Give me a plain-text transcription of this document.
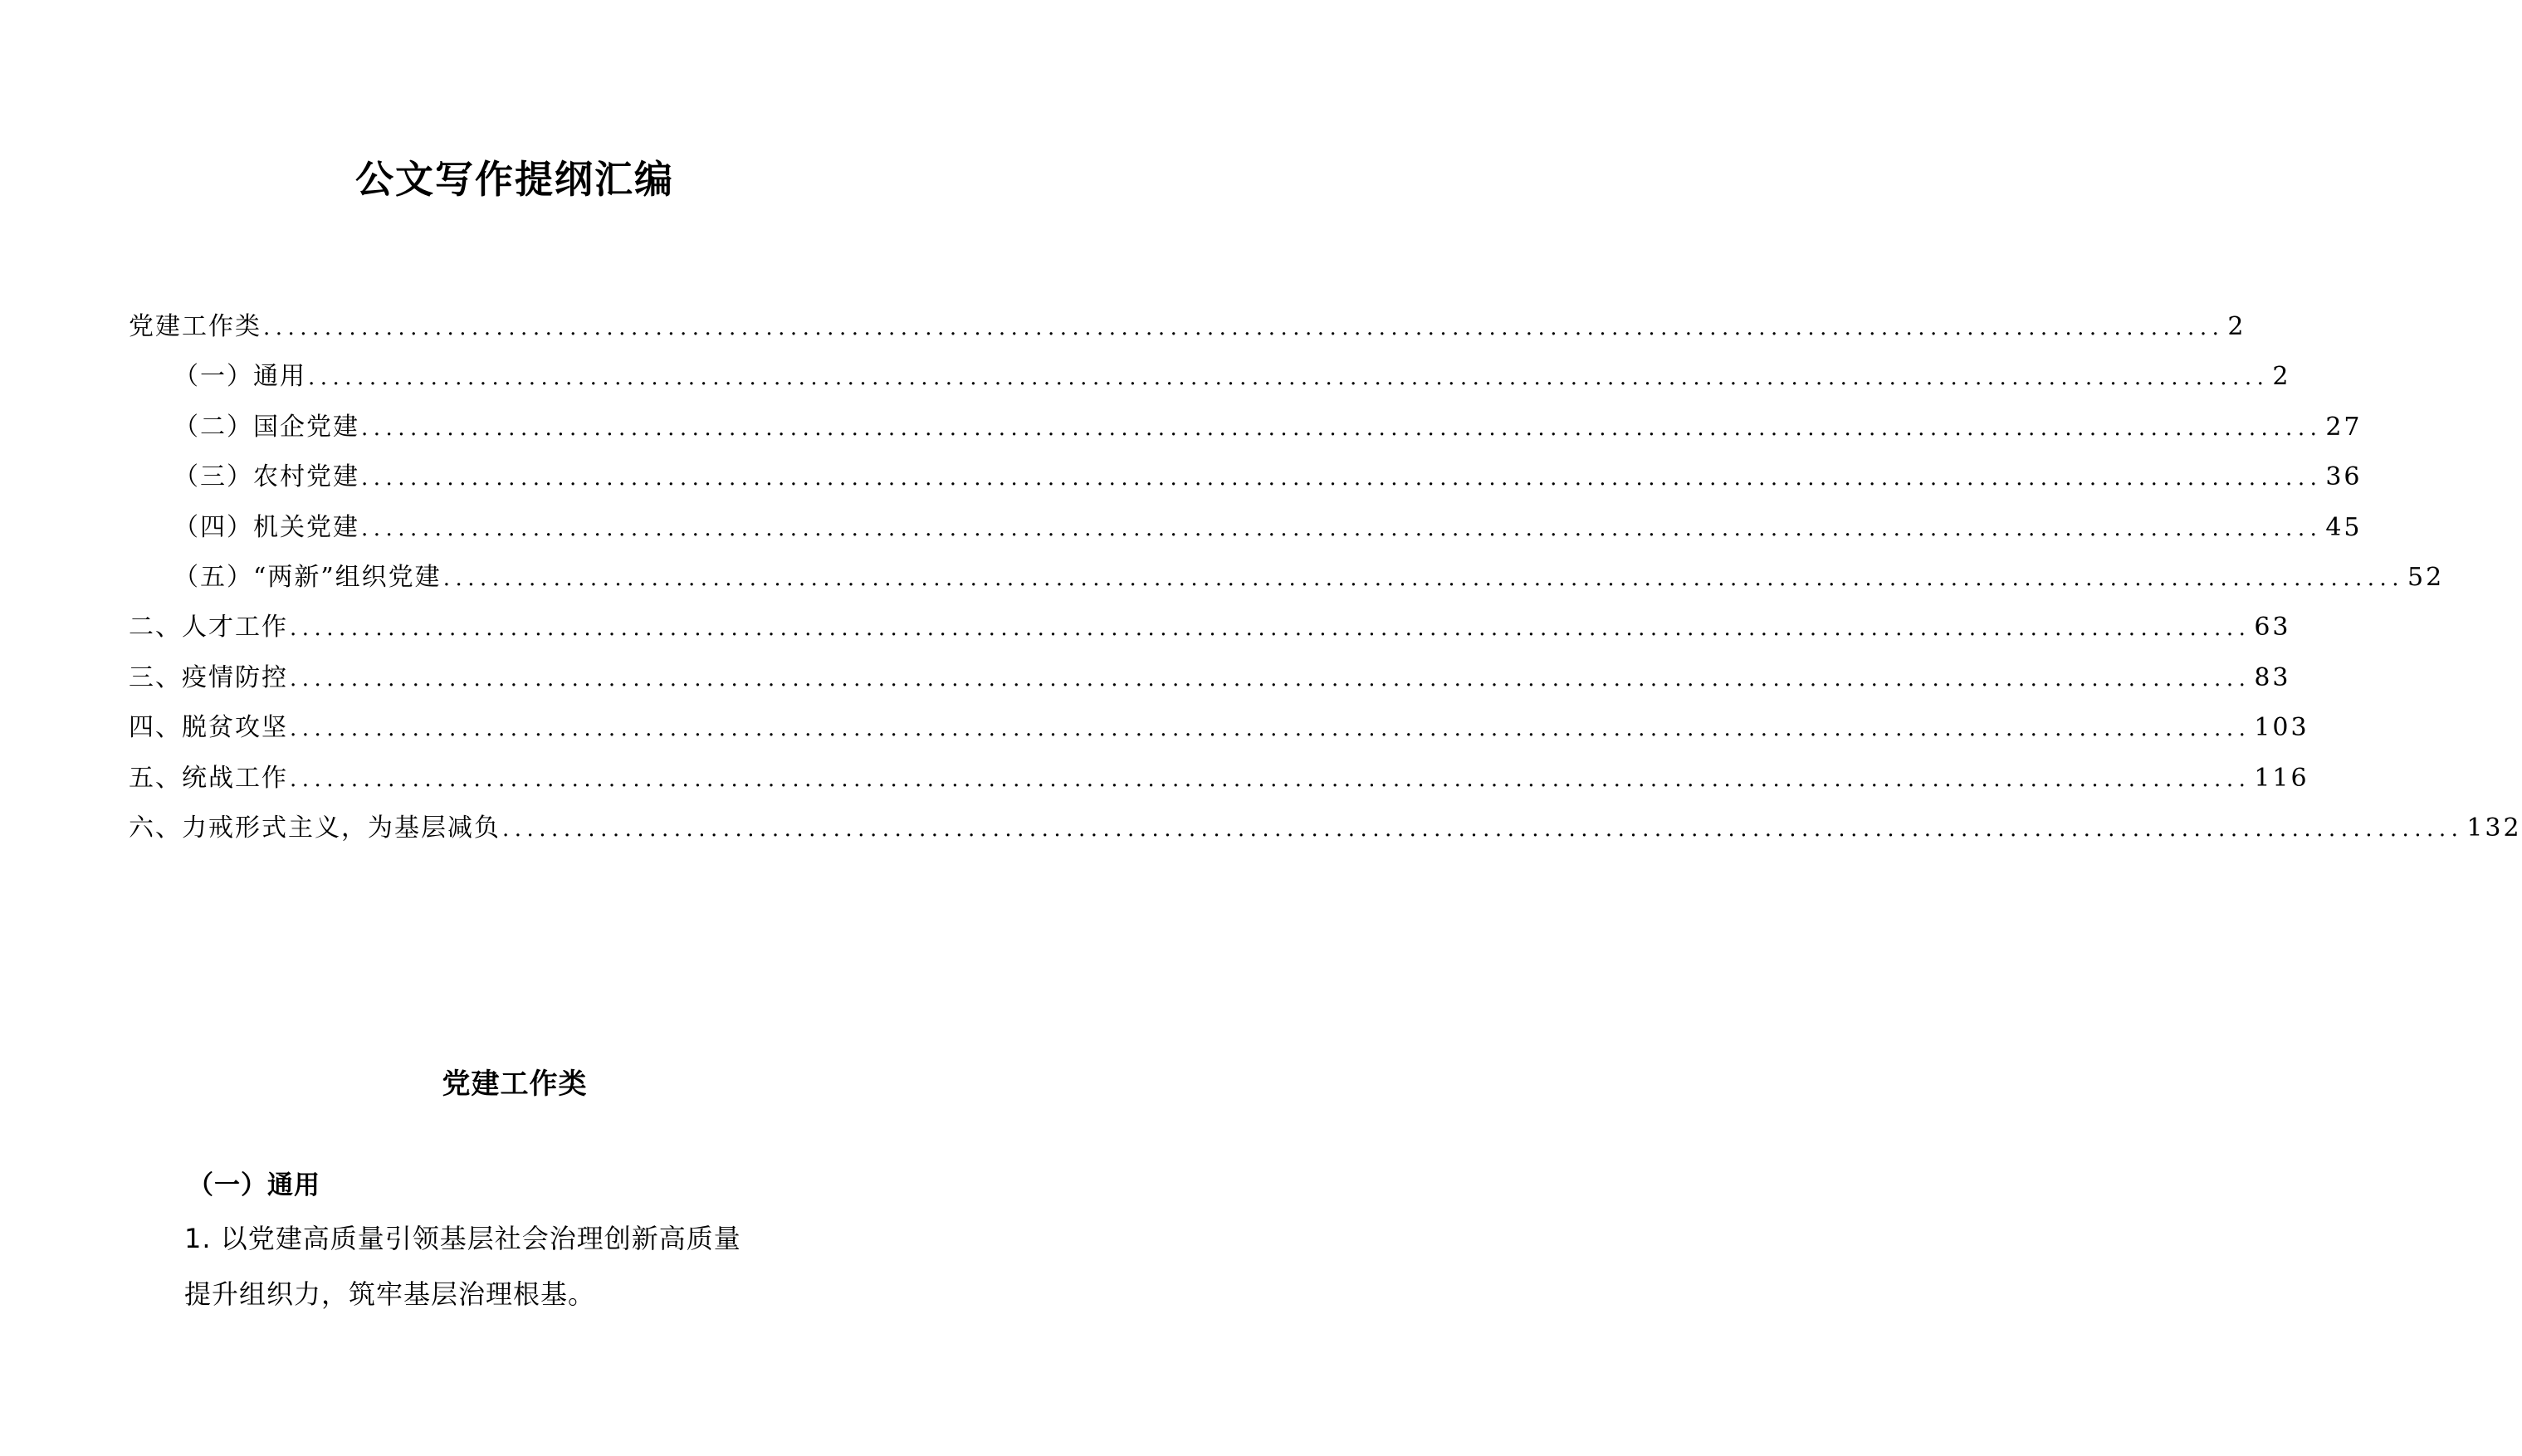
公文写作提纲汇编
党建工作类 ................................................................................................................................................................ 2
（一）通用 ................................................................................................................................................................ 2
（二）国企党建 ................................................................................................................................................................ 27
（三）农村党建 ................................................................................................................................................................ 36
（四）机关党建 ................................................................................................................................................................ 45
（五）“两新”组织党建 ................................................................................................................................................................ 52
二、人才工作 ................................................................................................................................................................ 63
三、疫情防控 ................................................................................................................................................................ 83
四、脱贫攻坚 ................................................................................................................................................................ 103
五、统战工作 ................................................................................................................................................................ 116
六、力戒形式主义，为基层减负 ................................................................................................................................................................ 132
党建工作类
（一）通用
1. 以党建高质量引领基层社会治理创新高质量
提升组织力，筑牢基层治理根基。
